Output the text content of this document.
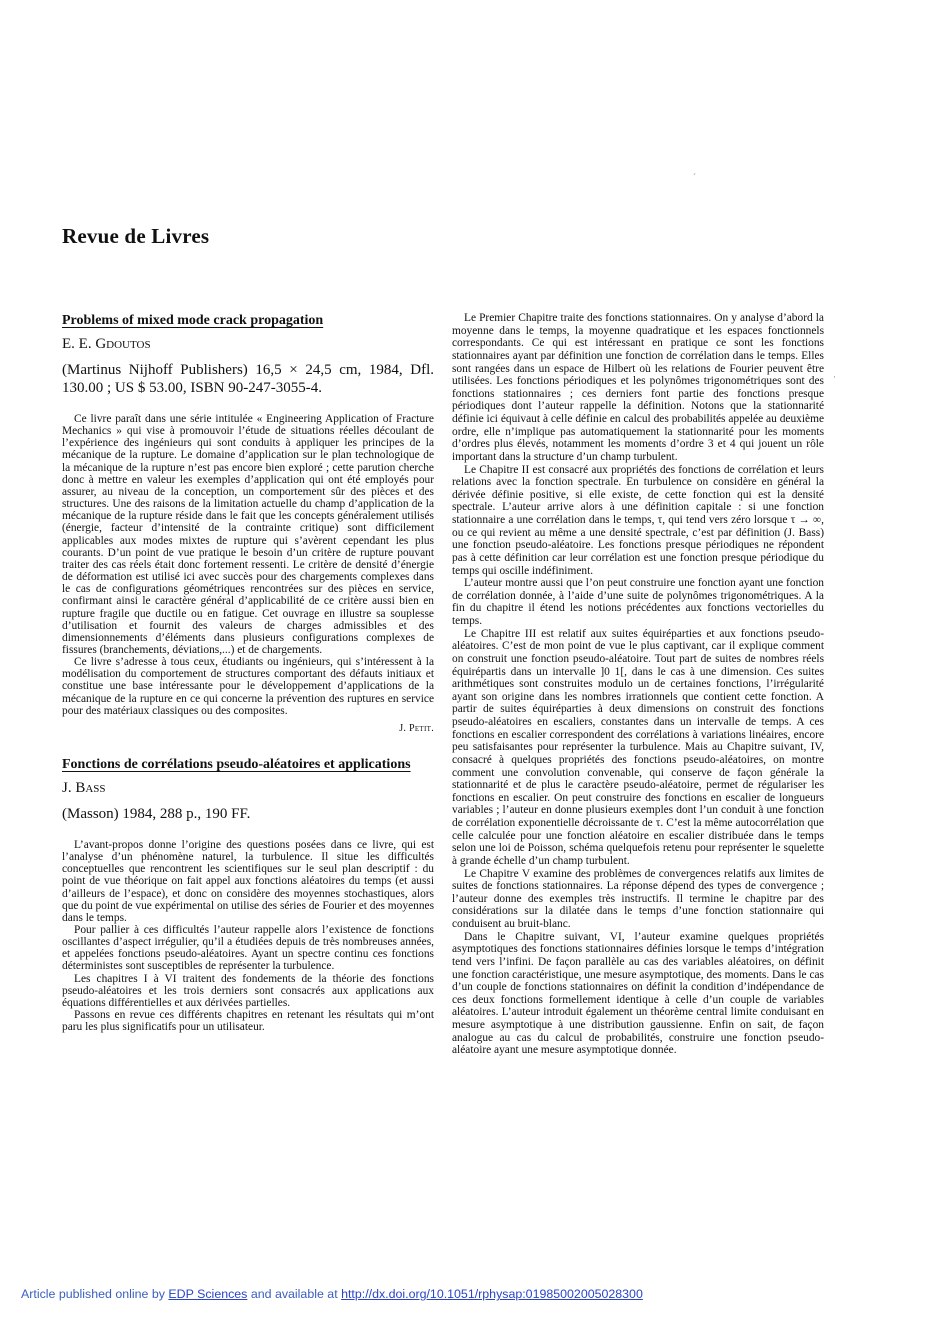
´
·
Revue de Livres
Problems of mixed mode crack propagation
E. E. Gdoutos
(Martinus Nijhoff Publishers) 16,5 × 24,5 cm, 1984, Dfl. 130.00 ; US $ 53.00, ISBN 90-247-3055-4.

Ce livre paraît dans une série intitulée « Engineering Application of Fracture Mechanics » qui vise à promouvoir l’étude de situations réelles découlant de l’expérience des ingénieurs qui sont conduits à appliquer les principes de la mécanique de la rupture. Le domaine d’application sur le plan technologique de la mécanique de la rupture n’est pas encore bien exploré ; cette parution cherche donc à mettre en valeur les exemples d’application qui ont été employés pour assurer, au niveau de la conception, un comportement sûr des pièces et des structures. Une des raisons de la limitation actuelle du champ d’application de la mécanique de la rupture réside dans le fait que les concepts généralement utilisés (énergie, facteur d’intensité de la contrainte critique) sont difficilement applicables aux modes mixtes de rupture qui s’avèrent cependant les plus courants. D’un point de vue pratique le besoin d’un critère de rupture pouvant traiter des cas réels était donc fortement ressenti. Le critère de densité d’énergie de déformation est utilisé ici avec succès pour des chargements complexes dans le cas de configurations géométriques rencontrées sur des pièces en service, confirmant ainsi le caractère général d’applicabilité de ce critère aussi bien en rupture fragile que ductile ou en fatigue. Cet ouvrage en illustre sa souplesse d’utilisation et fournit des valeurs de charges admissibles et des dimensionnements d’éléments dans plusieurs configurations complexes de fissures (branchements, déviations,...) et de chargements.

Ce livre s’adresse à tous ceux, étudiants ou ingénieurs, qui s’intéressent à la modélisation du comportement de structures comportant des défauts initiaux et constitue une base intéressante pour le développement d’applications de la mécanique de la rupture en ce qui concerne la prévention des ruptures en service pour des matériaux classiques ou des composites.

J. Petit.
Fonctions de corrélations pseudo-aléatoires et applications
J. Bass
(Masson) 1984, 288 p., 190 FF.

L’avant-propos donne l’origine des questions posées dans ce livre, qui est l’analyse d’un phénomène naturel, la turbulence. Il situe les difficultés conceptuelles que rencontrent les scientifiques sur le seul plan descriptif : du point de vue théorique on fait appel aux fonctions aléatoires du temps (et aussi d’ailleurs de l’espace), et donc on considère des moyennes stochastiques, alors que du point de vue expérimental on utilise des séries de Fourier et des moyennes dans le temps.

Pour pallier à ces difficultés l’auteur rappelle alors l’existence de fonctions oscillantes d’aspect irrégulier, qu’il a étudiées depuis de très nombreuses années, et appelées fonctions pseudo-aléatoires. Ayant un spectre continu ces fonctions déterministes sont susceptibles de représenter la turbulence.

Les chapitres I à VI traitent des fondements de la théorie des fonctions pseudo-aléatoires et les trois derniers sont consacrés aux applications aux équations différentielles et aux dérivées partielles.

Passons en revue ces différents chapitres en retenant les résultats qui m’ont paru les plus significatifs pour un utilisateur.

Le Premier Chapitre traite des fonctions stationnaires. On y analyse d’abord la moyenne dans le temps, la moyenne quadratique et les espaces fonctionnels correspondants. Ce qui est intéressant en pratique ce sont les fonctions stationnaires ayant par définition une fonction de corrélation dans le temps. Elles sont rangées dans un espace de Hilbert où les relations de Fourier peuvent être utilisées. Les fonctions périodiques et les polynômes trigonométriques sont des fonctions stationnaires ; ces derniers font partie des fonctions presque périodiques dont l’auteur rappelle la définition. Notons que la stationnarité définie ici équivaut à celle définie en calcul des probabilités appelée au deuxième ordre, elle n’implique pas automatiquement la stationnarité pour les moments d’ordres plus élevés, notamment les moments d’ordre 3 et 4 qui jouent un rôle important dans la structure d’un champ turbulent.

Le Chapitre II est consacré aux propriétés des fonctions de corrélation et leurs relations avec la fonction spectrale. En turbulence on considère en général la dérivée définie positive, si elle existe, de cette fonction qui est la densité spectrale. L’auteur arrive alors à une définition capitale : si une fonction stationnaire a une corrélation dans le temps, τ, qui tend vers zéro lorsque τ → ∞, ou ce qui revient au même a une densité spectrale, c’est par définition (J. Bass) une fonction pseudo-aléatoire. Les fonctions presque périodiques ne répondent pas à cette définition car leur corrélation est une fonction presque périodique du temps qui oscille indéfiniment.

L’auteur montre aussi que l’on peut construire une fonction ayant une fonction de corrélation donnée, à l’aide d’une suite de polynômes trigonométriques. A la fin du chapitre il étend les notions précédentes aux fonctions vectorielles du temps.

Le Chapitre III est relatif aux suites équiréparties et aux fonctions pseudo-aléatoires. C’est de mon point de vue le plus captivant, car il explique comment on construit une fonction pseudo-aléatoire. Tout part de suites de nombres réels équirépartis dans un intervalle ]0 1[, dans le cas à une dimension. Ces suites arithmétiques sont construites modulo un de certaines fonctions, l’irrégularité ayant son origine dans les nombres irrationnels que contient cette fonction. A partir de suites équiréparties à deux dimensions on construit des fonctions pseudo-aléatoires en escaliers, constantes dans un intervalle de temps. A ces fonctions en escalier correspondent des corrélations à variations linéaires, encore peu satisfaisantes pour représenter la turbulence. Mais au Chapitre suivant, IV, consacré à quelques propriétés des fonctions pseudo-aléatoires, on montre comment une convolution convenable, qui conserve de façon générale la stationnarité et de plus le caractère pseudo-aléatoire, permet de régulariser les fonctions en escalier. On peut construire des fonctions en escalier de longueurs variables ; l’auteur en donne plusieurs exemples dont l’un conduit à une fonction de corrélation exponentielle décroissante de τ. C’est la même autocorrélation que celle calculée pour une fonction aléatoire en escalier distribuée dans le temps selon une loi de Poisson, schéma quelquefois retenu pour représenter le squelette à grande échelle d’un champ turbulent.

Le Chapitre V examine des problèmes de convergences relatifs aux limites de suites de fonctions stationnaires. La réponse dépend des types de convergence ; l’auteur donne des exemples très instructifs. Il termine le chapitre par des considérations sur la dilatée dans le temps d’une fonction stationnaire qui conduisent au bruit-blanc.

Dans le Chapitre suivant, VI, l’auteur examine quelques propriétés asymptotiques des fonctions stationnaires définies lorsque le temps d’intégration tend vers l’infini. De façon parallèle au cas des variables aléatoires, on définit une fonction caractéristique, une mesure asymptotique, des moments. Dans le cas d’un couple de fonctions stationnaires on définit la condition d’indépendance de ces deux fonctions formellement identique à celle d’un couple de variables aléatoires. L’auteur introduit également un théorème central limite conduisant en mesure asymptotique à une distribution gaussienne. Enfin on sait, de façon analogue au cas du calcul de probabilités, construire une fonction pseudo-aléatoire ayant une mesure asymptotique donnée.

Article published online by EDP Sciences and available at http://dx.doi.org/10.1051/rphysap:01985002005028300
